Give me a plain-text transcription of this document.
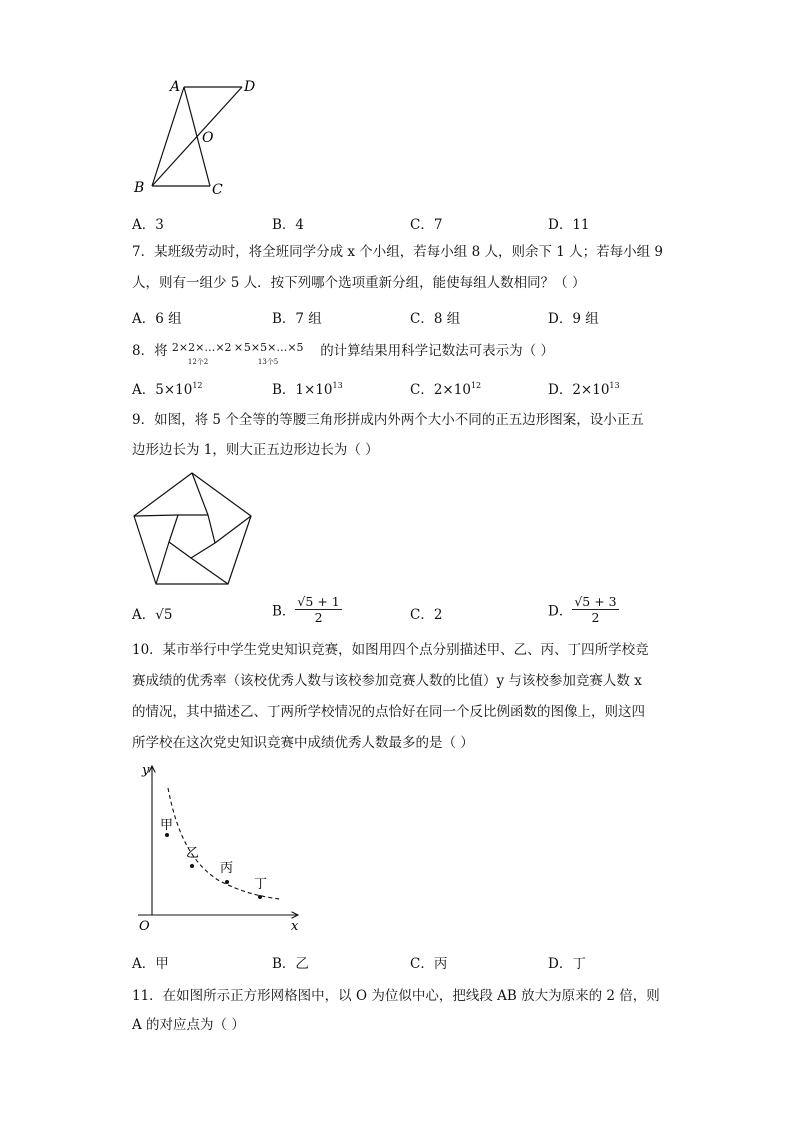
A	D
O
B	C
A．3	B．4	C．7	D．11
7．某班级劳动时，将全班同学分成 x 个小组，若每小组 8 人，则余下 1 人；若每小组 9
人，则有一组少 5 人．按下列哪个选项重新分组，能使每组人数相同？（ ）
A．6 组	B．7 组	C．8 组	D．9 组
8．将 2×2×…×2
12个2
× 5×5×…×5
13个5
的计算结果用科学记数法可表示为（ ）
A．$5\times 10^{12}$	B．$1\times 10^{13}$	C．$2\times 10^{12}$	D．$2\times 10^{13}$
9．如图，将 5 个全等的等腰三角形拼成内外两个大小不同的正五边形图案，设小正五
边形边长为 1，则大正五边形边长为（ ）
A．√5	B． $\frac{√5 + 1}{2}$	C．2	D． $\frac{√5 + 3}{2}$
10．某市举行中学生党史知识竞赛，如图用四个点分别描述甲、乙、丙、丁四所学校竞
赛成绩的优秀率（该校优秀人数与该校参加竞赛人数的比值）y 与该校参加竞赛人数 x
的情况，其中描述乙、丁两所学校情况的点恰好在同一个反比例函数的图像上，则这四
所学校在这次党史知识竞赛中成绩优秀人数最多的是（ ）
y
x
O
甲
乙
丙
丁
A．甲	B．乙	C．丙	D．丁
11．在如图所示正方形网格图中，以 O 为位似中心，把线段 AB 放大为原来的 2 倍，则
A 的对应点为（ ）
